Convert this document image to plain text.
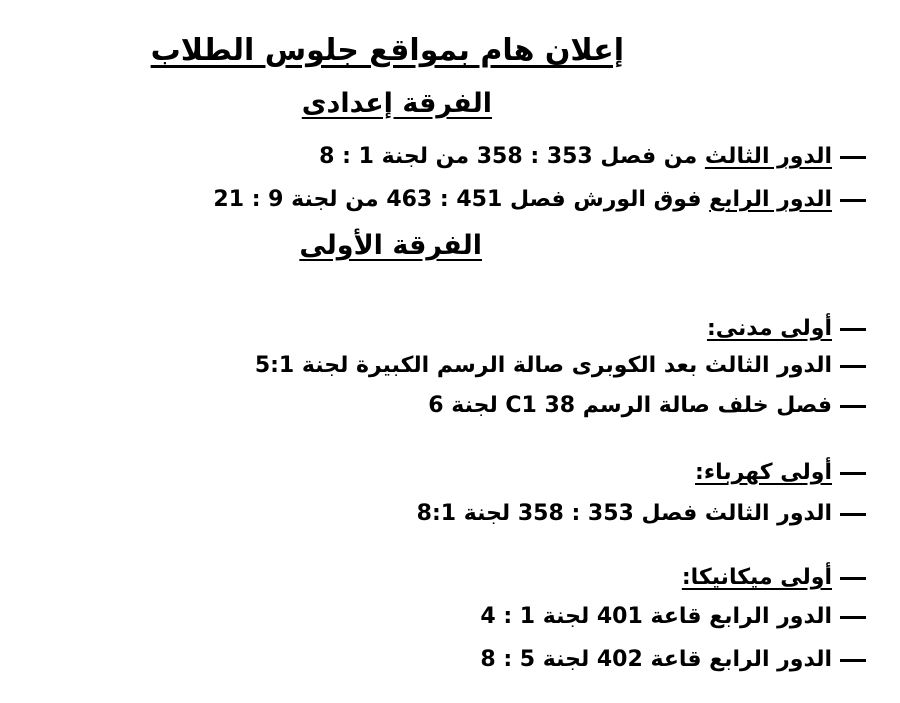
إعلان هام بمواقع جلوس الطلاب
الفرقة إعدادى
الدور الثالث من فصل 353 : 358 من لجنة 1 : 8
الدور الرابع فوق الورش فصل 451 : 463 من لجنة 9 : 21
الفرقة الأولى
أولى مدنى:
الدور الثالث بعد الكوبرى صالة الرسم الكبيرة لجنة 5:1
فصل خلف صالة الرسم C1 38 لجنة 6
أولى كهرباء:
الدور الثالث فصل 353 : 358 لجنة 8:1
أولى ميكانيكا:
الدور الرابع قاعة 401 لجنة 1 : 4
الدور الرابع قاعة 402 لجنة 5 : 8
